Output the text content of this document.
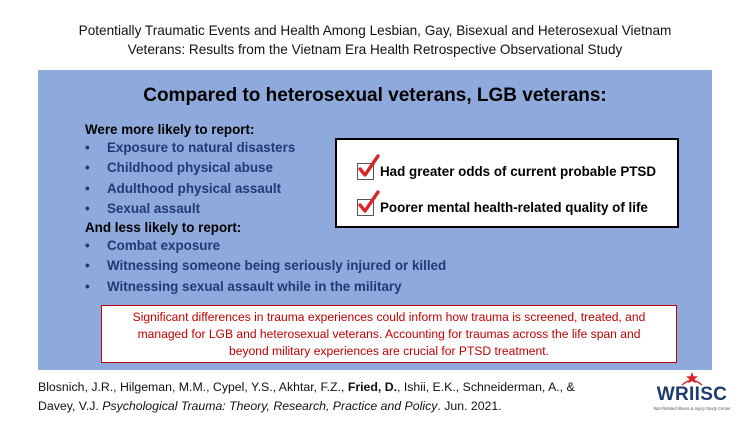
Potentially Traumatic Events and Health Among Lesbian, Gay, Bisexual and Heterosexual Vietnam
Veterans: Results from the Vietnam Era Health Retrospective Observational Study
Compared to heterosexual veterans, LGB veterans:
Were more likely to report:
• Exposure to natural disasters
• Childhood physical abuse
• Adulthood physical assault
• Sexual assault
And less likely to report:
• Combat exposure
• Witnessing someone being seriously injured or killed
• Witnessing sexual assault while in the military
Had greater odds of current probable PTSD
Poorer mental health-related quality of life
Significant differences in trauma experiences could inform how trauma is screened, treated, and
managed for LGB and heterosexual veterans. Accounting for traumas across the life span and
beyond military experiences are crucial for PTSD treatment.
Blosnich, J.R., Hilgeman, M.M., Cypel, Y.S., Akhtar, F.Z., Fried, D., Ishii, E.K., Schneiderman, A., &
Davey, V.J. Psychological Trauma: Theory, Research, Practice and Policy. Jun. 2021.
WRIISC
War Related Illness & Injury Study Center
